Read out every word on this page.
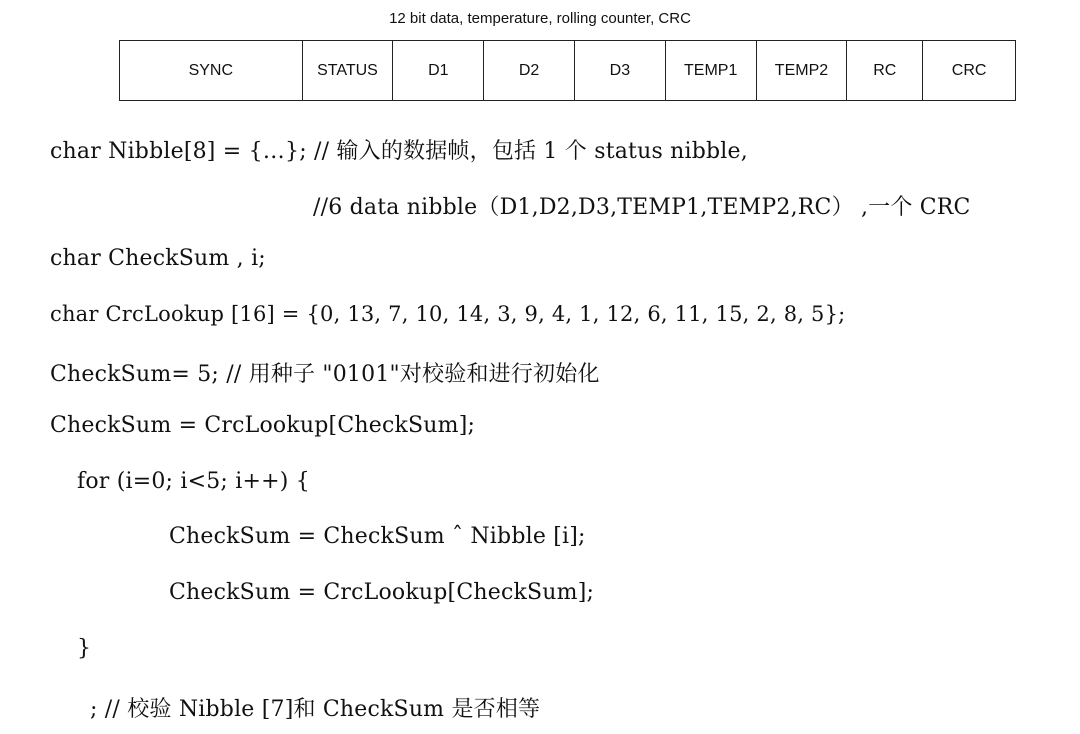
12 bit data, temperature, rolling counter, CRC
SYNC	STATUS	D1	D2	D3	TEMP1	TEMP2	RC	CRC
char Nibble[8] = {…}; // 输入的数据帧，包括 1 个 status nibble,
//6 data nibble（D1,D2,D3,TEMP1,TEMP2,RC） ,一个 CRC
char CheckSum , i;
char CrcLookup [16] = {0, 13, 7, 10, 14, 3, 9, 4, 1, 12, 6, 11, 15, 2, 8, 5};
CheckSum= 5; // 用种子 "0101"对校验和进行初始化
CheckSum = CrcLookup[CheckSum];
for (i=0; i<5; i++) {
CheckSum = CheckSum ˆ Nibble [i];
CheckSum = CrcLookup[CheckSum];
}
; // 校验 Nibble [7]和 CheckSum 是否相等
